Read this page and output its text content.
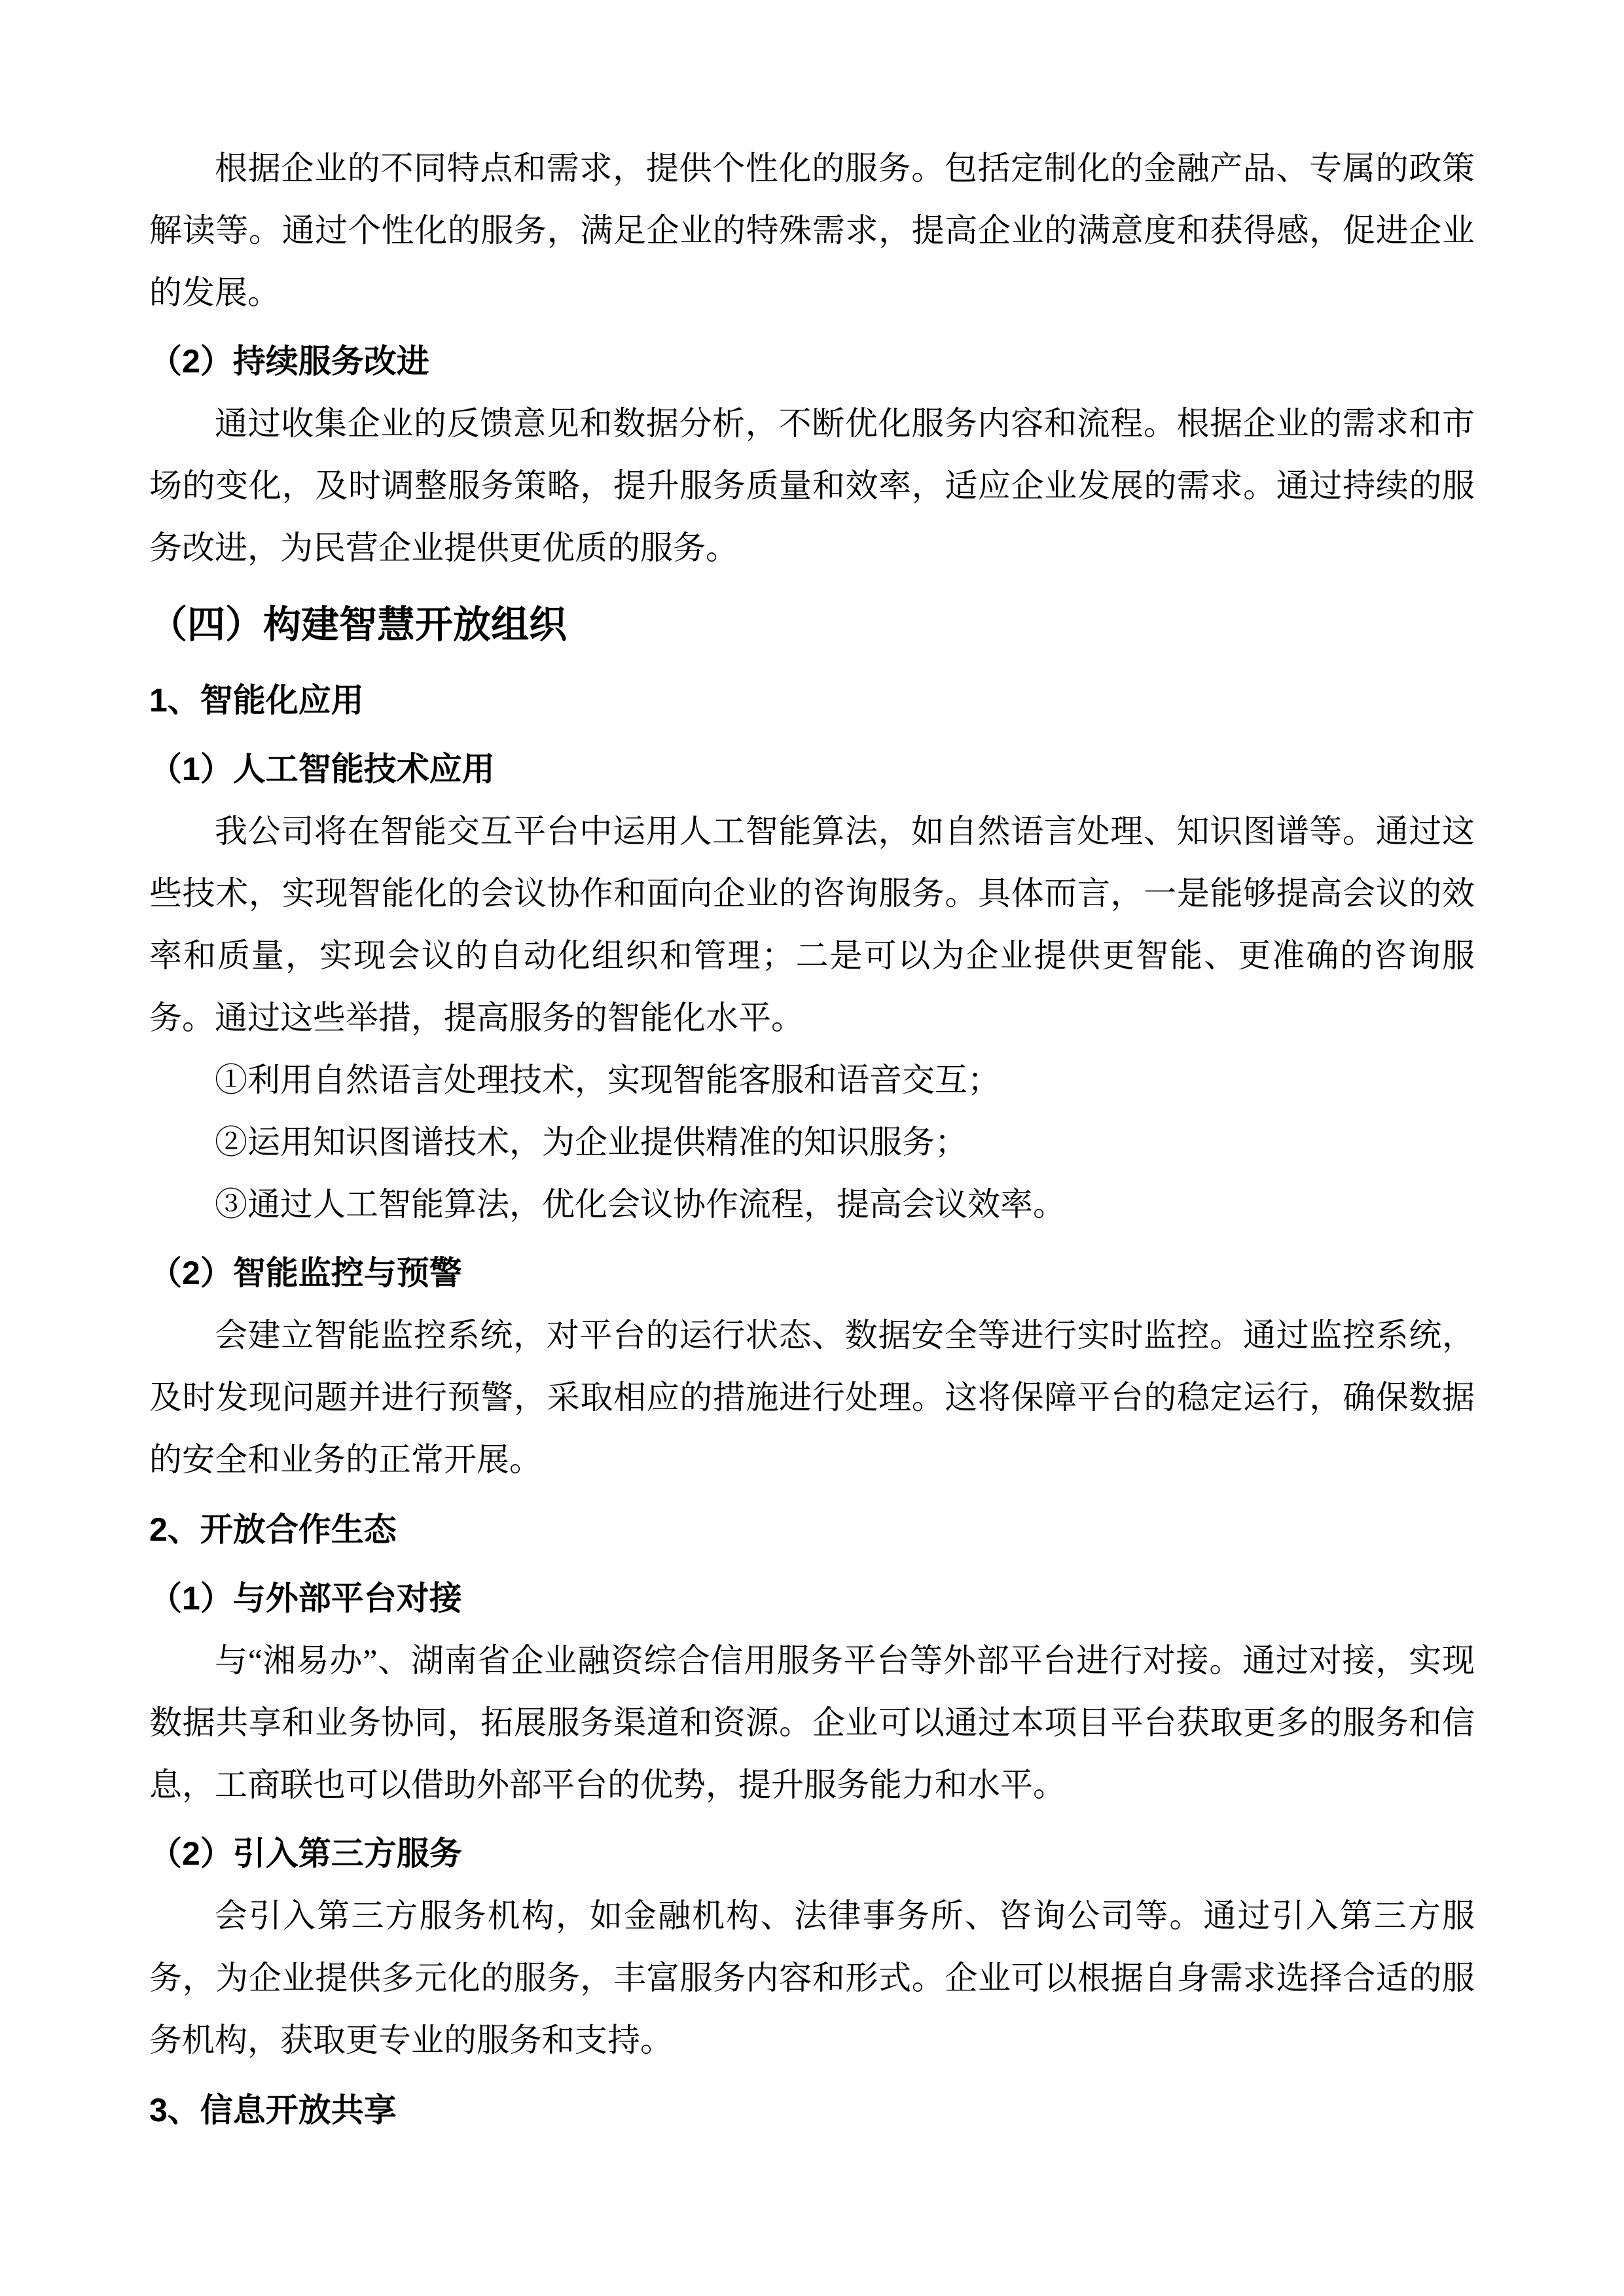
根据企业的不同特点和需求，提供个性化的服务。包括定制化的金融产品、专属的政策解读等。通过个性化的服务，满足企业的特殊需求，提高企业的满意度和获得感，促进企业的发展。

（2）持续服务改进

通过收集企业的反馈意见和数据分析，不断优化服务内容和流程。根据企业的需求和市场的变化，及时调整服务策略，提升服务质量和效率，适应企业发展的需求。通过持续的服务改进，为民营企业提供更优质的服务。

（四）构建智慧开放组织
1、智能化应用
（1）人工智能技术应用

我公司将在智能交互平台中运用人工智能算法，如自然语言处理、知识图谱等。通过这些技术，实现智能化的会议协作和面向企业的咨询服务。具体而言，一是能够提高会议的效率和质量，实现会议的自动化组织和管理；二是可以为企业提供更智能、更准确的咨询服务。通过这些举措，提高服务的智能化水平。

①利用自然语言处理技术，实现智能客服和语音交互；

②运用知识图谱技术，为企业提供精准的知识服务；

③通过人工智能算法，优化会议协作流程，提高会议效率。

（2）智能监控与预警

会建立智能监控系统，对平台的运行状态、数据安全等进行实时监控。通过监控系统，及时发现问题并进行预警，采取相应的措施进行处理。这将保障平台的稳定运行，确保数据的安全和业务的正常开展。

2、开放合作生态
（1）与外部平台对接

与“湘易办”、湖南省企业融资综合信用服务平台等外部平台进行对接。通过对接，实现数据共享和业务协同，拓展服务渠道和资源。企业可以通过本项目平台获取更多的服务和信息，工商联也可以借助外部平台的优势，提升服务能力和水平。

（2）引入第三方服务

会引入第三方服务机构，如金融机构、法律事务所、咨询公司等。通过引入第三方服务，为企业提供多元化的服务，丰富服务内容和形式。企业可以根据自身需求选择合适的服务机构，获取更专业的服务和支持。

3、信息开放共享
